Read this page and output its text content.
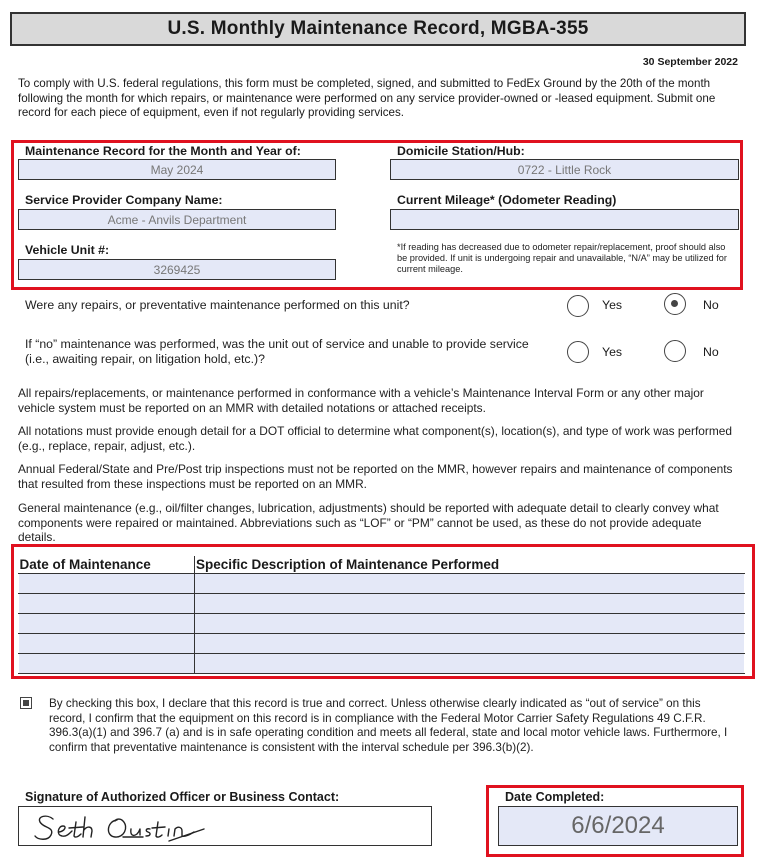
U.S. Monthly Maintenance Record, MGBA-355
30 September 2022
To comply with U.S. federal regulations, this form must be completed, signed, and submitted to FedEx Ground by the 20th of the month following the month for which repairs, or maintenance were performed on any service provider-owned or -leased equipment. Submit one record for each piece of equipment, even if not regularly providing services.
Maintenance Record for the Month and Year of:
May 2024
Domicile Station/Hub:
0722 - Little Rock
Service Provider Company Name:
Acme - Anvils Department
Current Mileage* (Odometer Reading)
Vehicle Unit #:
3269425
*If reading has decreased due to odometer repair/replacement, proof should also be provided. If unit is undergoing repair and unavailable, “N/A” may be utilized for current mileage.
Were any repairs, or preventative maintenance performed on this unit?	Yes	No
If “no” maintenance was performed, was the unit out of service and unable to provide service (i.e., awaiting repair, on litigation hold, etc.)?	Yes	No
All repairs/replacements, or maintenance performed in conformance with a vehicle’s Maintenance Interval Form or any other major vehicle system must be reported on an MMR with detailed notations or attached receipts.
All notations must provide enough detail for a DOT official to determine what component(s), location(s), and type of work was performed (e.g., replace, repair, adjust, etc.).
Annual Federal/State and Pre/Post trip inspections must not be reported on the MMR, however repairs and maintenance of components that resulted from these inspections must be reported on an MMR.
General maintenance (e.g., oil/filter changes, lubrication, adjustments) should be reported with adequate detail to clearly convey what components were repaired or maintained. Abbreviations such as “LOF” or “PM” cannot be used, as these do not provide adequate details.
Date of Maintenance	Specific Description of Maintenance Performed

By checking this box, I declare that this record is true and correct. Unless otherwise clearly indicated as “out of service” on this record, I confirm that the equipment on this record is in compliance with the Federal Motor Carrier Safety Regulations 49 C.F.R. 396.3(a)(1) and 396.7 (a) and is in safe operating condition and meets all federal, state and local motor vehicle laws. Furthermore, I confirm that preventative maintenance is consistent with the interval schedule per 396.3(b)(2).
Signature of Authorized Officer or Business Contact:	Date Completed:
6/6/2024
